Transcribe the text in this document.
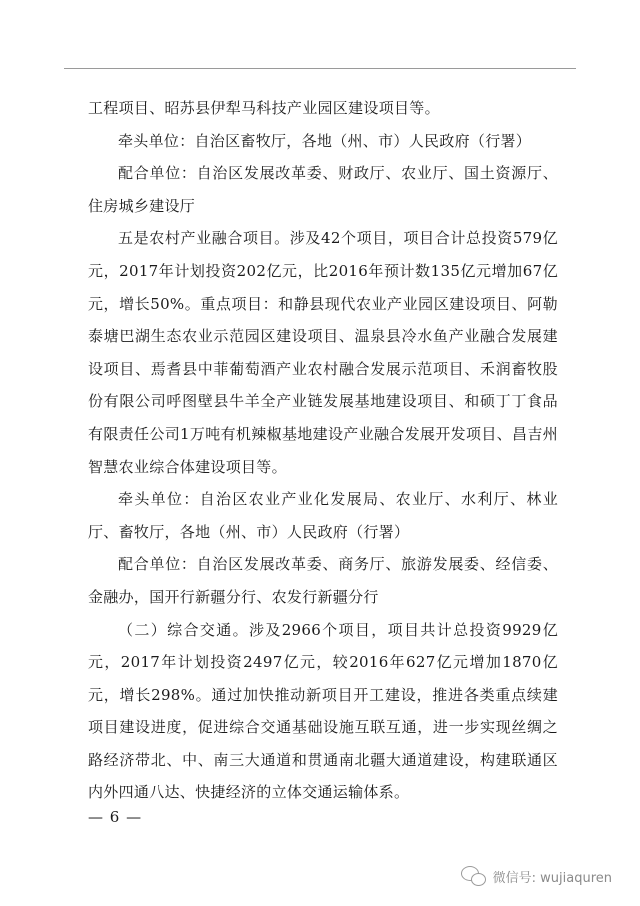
工程项目、昭苏县伊犁马科技产业园区建设项目等。

牵头单位：自治区畜牧厅，各地（州、市）人民政府（行署）

配合单位：自治区发展改革委、财政厅、农业厅、国土资源厅、住房城乡建设厅

五是农村产业融合项目。涉及42个项目，项目合计总投资579亿元，2017年计划投资202亿元，比2016年预计数135亿元增加67亿元，增长50%。重点项目：和静县现代农业产业园区建设项目、阿勒泰塘巴湖生态农业示范园区建设项目、温泉县冷水鱼产业融合发展建设项目、焉耆县中菲葡萄酒产业农村融合发展示范项目、禾润畜牧股份有限公司呼图壁县牛羊全产业链发展基地建设项目、和硕丁丁食品有限责任公司1万吨有机辣椒基地建设产业融合发展开发项目、昌吉州智慧农业综合体建设项目等。

牵头单位：自治区农业产业化发展局、农业厅、水利厅、林业厅、畜牧厅，各地（州、市）人民政府（行署）

配合单位：自治区发展改革委、商务厅、旅游发展委、经信委、金融办，国开行新疆分行、农发行新疆分行

（二）综合交通。涉及2966个项目，项目共计总投资9929亿元，2017年计划投资2497亿元，较2016年627亿元增加1870亿元，增长298%。通过加快推动新项目开工建设，推进各类重点续建项目建设进度，促进综合交通基础设施互联互通，进一步实现丝绸之路经济带北、中、南三大通道和贯通南北疆大通道建设，构建联通区内外四通八达、快捷经济的立体交通运输体系。

— 6 —
微信号: wujiaquren
